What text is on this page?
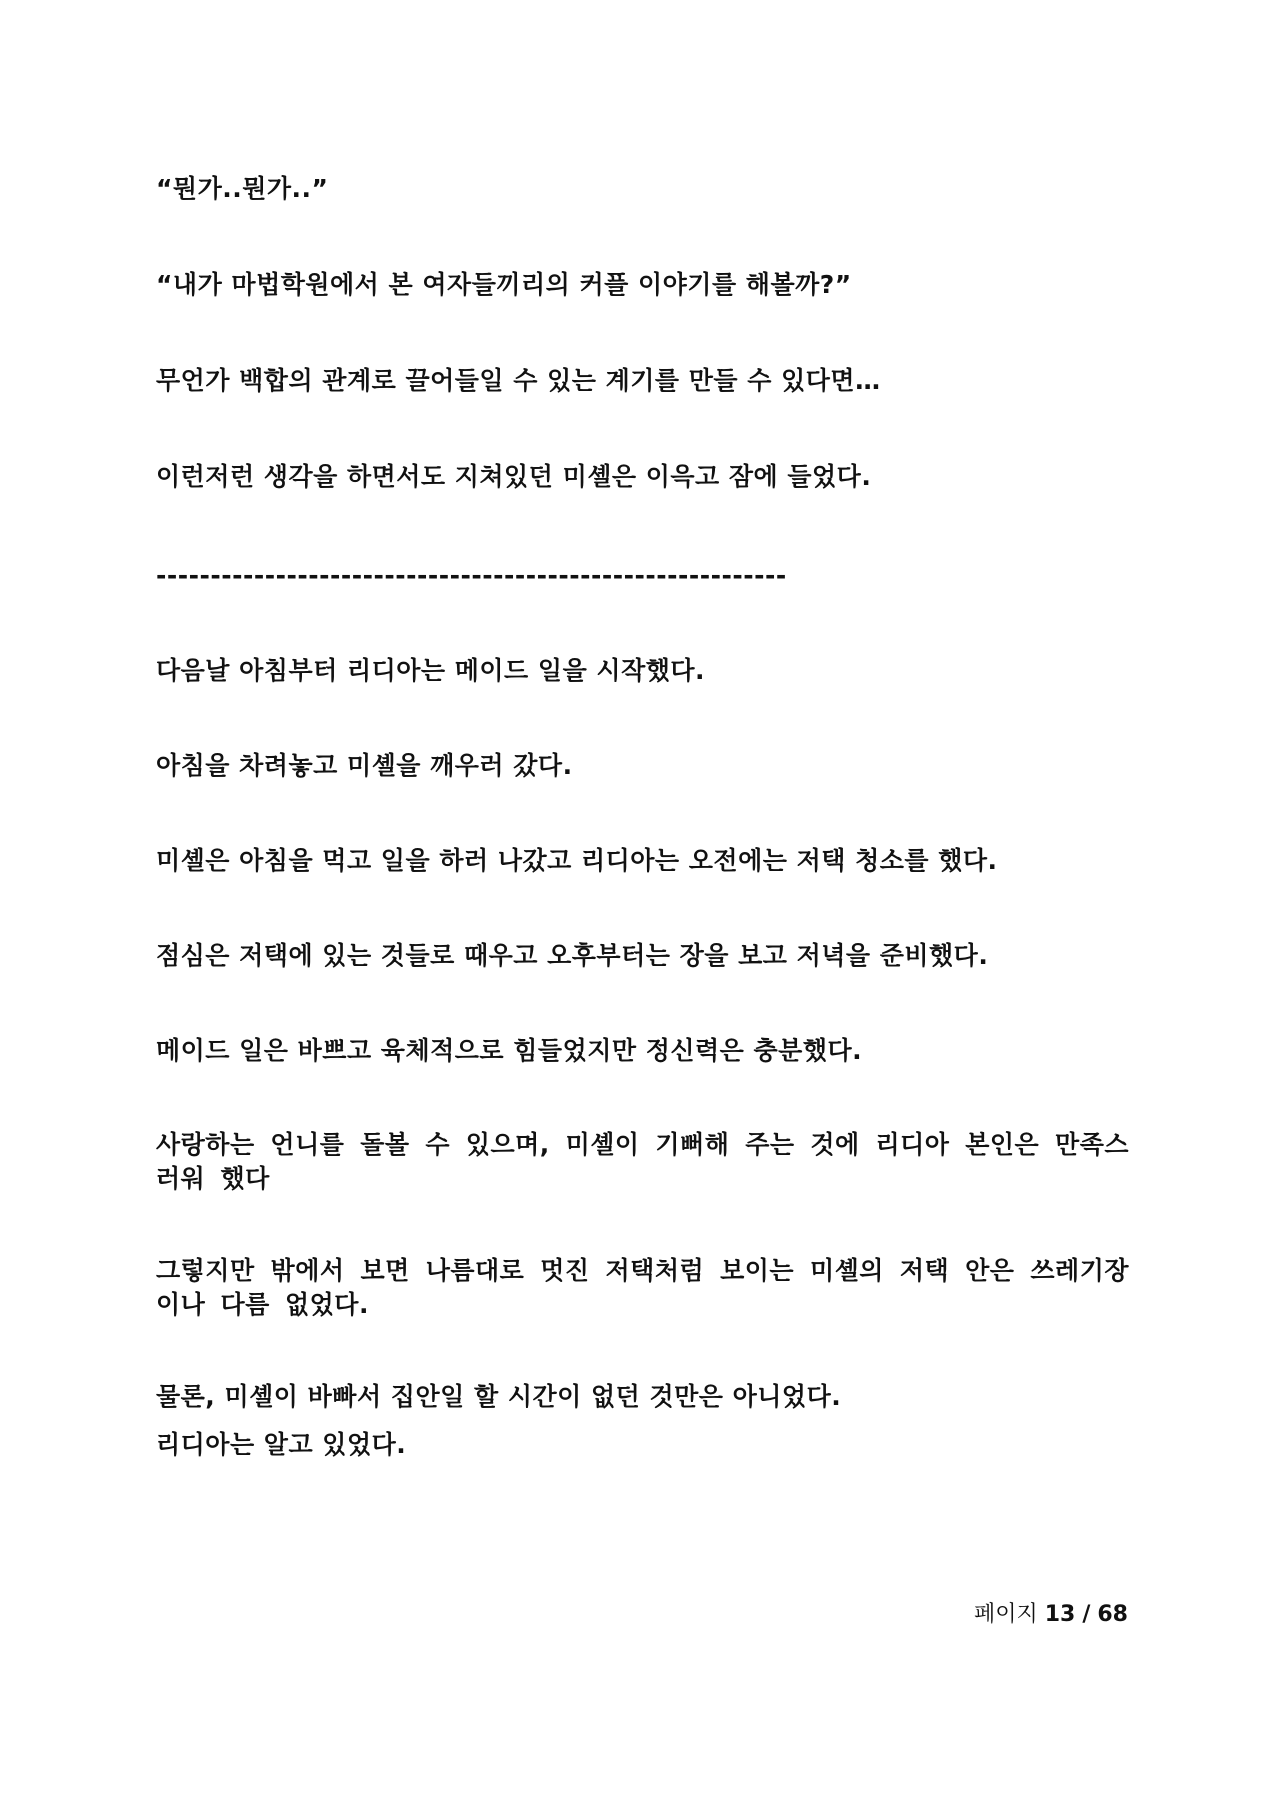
“뭔가..뭔가..”

“내가 마법학원에서 본 여자들끼리의 커플 이야기를 해볼까?”

무언가 백합의 관계로 끌어들일 수 있는 계기를 만들 수 있다면…

이런저런 생각을 하면서도 지쳐있던 미셸은 이윽고 잠에 들었다.

----------------------------------------------------------

다음날 아침부터 리디아는 메이드 일을 시작했다.

아침을 차려놓고 미셸을 깨우러 갔다.

미셸은 아침을 먹고 일을 하러 나갔고 리디아는 오전에는 저택 청소를 했다.

점심은 저택에 있는 것들로 때우고 오후부터는 장을 보고 저녁을 준비했다.

메이드 일은 바쁘고 육체적으로 힘들었지만 정신력은 충분했다.

사랑하는 언니를 돌볼 수 있으며, 미셸이 기뻐해 주는 것에 리디아 본인은 만족스러워 했다

그렇지만 밖에서 보면 나름대로 멋진 저택처럼 보이는 미셸의 저택 안은 쓰레기장이나 다름 없었다.

물론, 미셸이 바빠서 집안일 할 시간이 없던 것만은 아니었다.

리디아는 알고 있었다.

페이지 13 / 68
